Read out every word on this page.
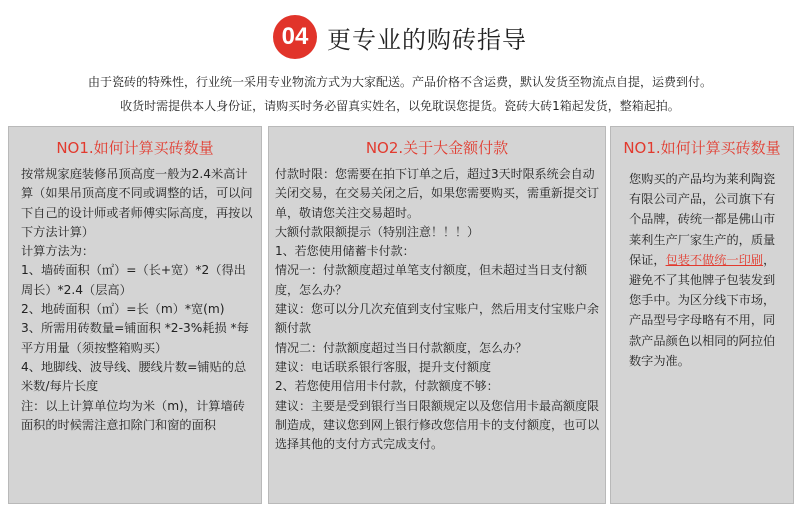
04 更专业的购砖指导
由于瓷砖的特殊性，行业统一采用专业物流方式为大家配送。产品价格不含运费，默认发货至物流点自提，运费到付。
收货时需提供本人身份证，请购买时务必留真实姓名，以免耽误您提货。瓷砖大砖1箱起发货，整箱起拍。
NO1.如何计算买砖数量
按常规家庭装修吊顶高度一般为2.4米高计算（如果吊顶高度不同或调整的话，可以问下自己的设计师或者师傅实际高度，再按以下方法计算）
计算方法为：
1、墙砖面积（㎡）=（长+宽）*2（得出周长）*2.4（层高）
2、地砖面积（㎡）=长（m）*宽(m)
3、所需用砖数量=铺面积 *2-3%耗损 *每平方用量（须按整箱购买）
4、地脚线、波导线、腰线片数=铺贴的总米数/每片长度
注：以上计算单位均为米（m)，计算墙砖面积的时候需注意扣除门和窗的面积
NO2.关于大金额付款
付款时限：您需要在拍下订单之后，超过3天时限系统会自动关闭交易，在交易关闭之后，如果您需要购买，需重新提交订单，敬请您关注交易超时。
大额付款限额提示（特别注意！！！）
1、若您使用储蓄卡付款：
情况一：付款额度超过单笔支付额度，但未超过当日支付额度，怎么办？
建议：您可以分几次充值到支付宝账户，然后用支付宝账户余额付款
情况二：付款额度超过当日付款额度，怎么办？
建议：电话联系银行客服，提升支付额度
2、若您使用信用卡付款，付款额度不够：
建议：主要是受到银行当日限额规定以及您信用卡最高额度限制造成，建议您到网上银行修改您信用卡的支付额度，也可以选择其他的支付方式完成支付。
NO1.如何计算买砖数量
您购买的产品均为莱利陶瓷有限公司产品，公司旗下有个品牌，砖统一都是佛山市莱利生产厂家生产的，质量保证，包装不做统一印刷，避免不了其他牌子包装发到您手中。为区分线下市场，产品型号字母略有不用，同款产品颜色以相同的阿拉伯数字为准。
